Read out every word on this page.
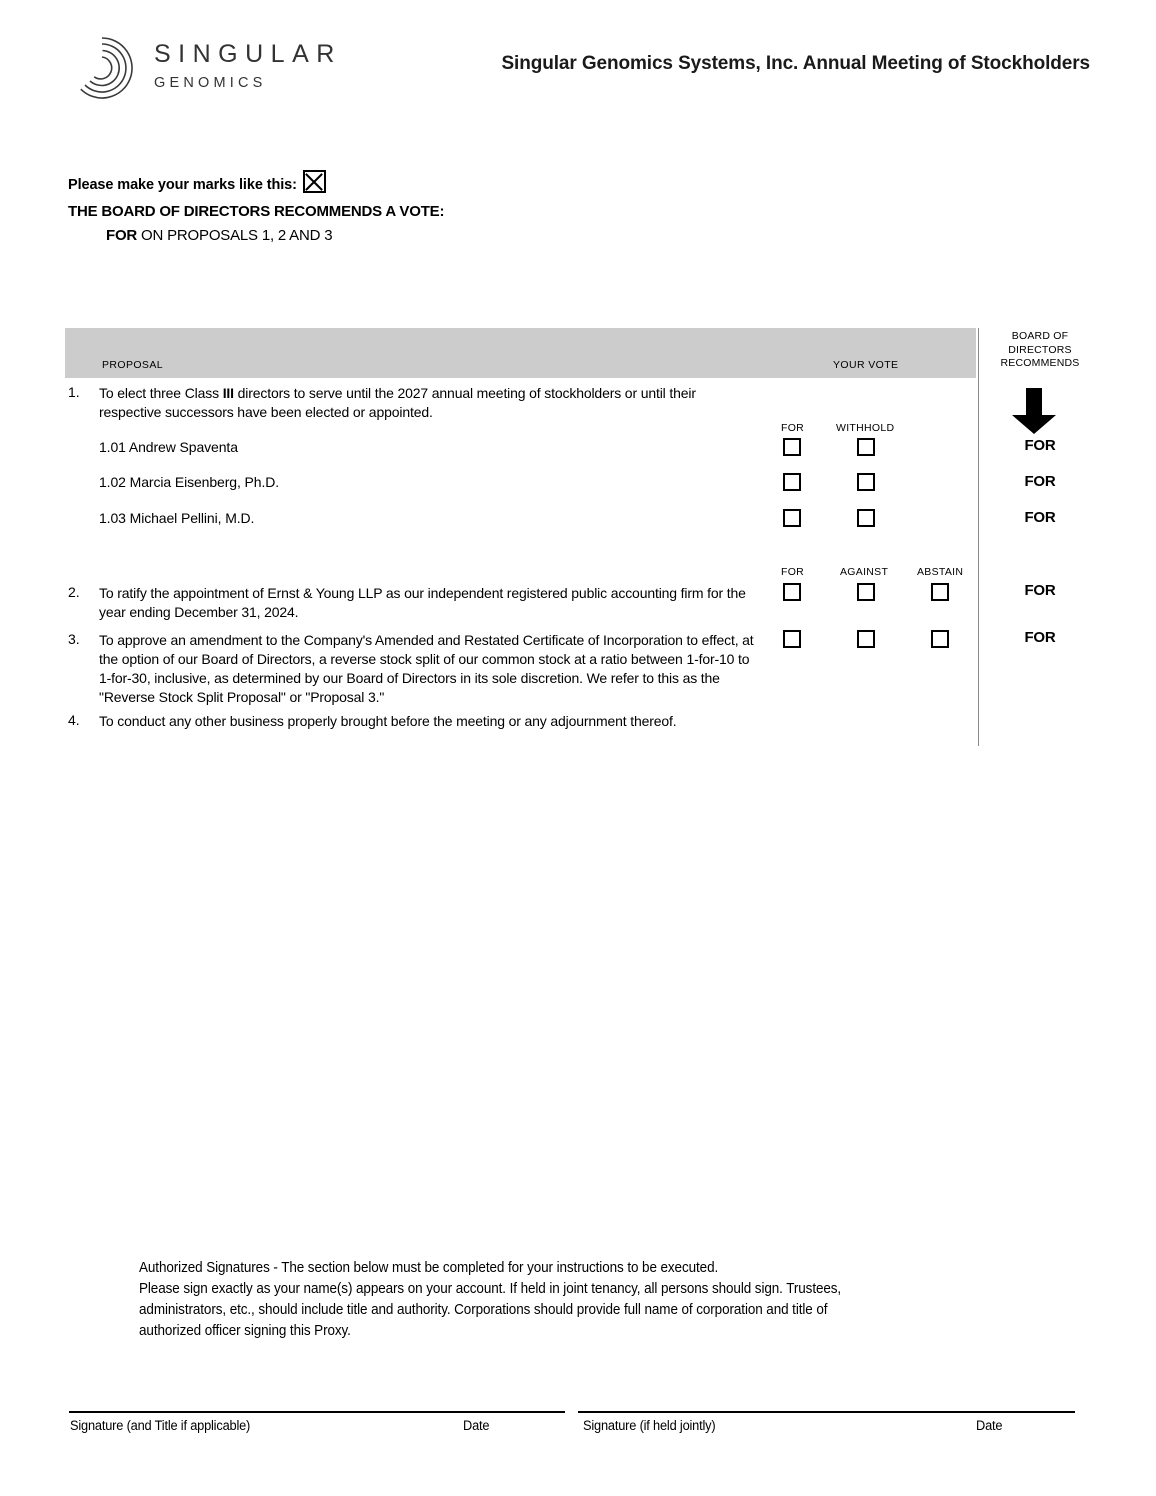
SINGULAR
GENOMICS
Singular Genomics Systems, Inc. Annual Meeting of Stockholders
Please make your marks like this:
THE BOARD OF DIRECTORS RECOMMENDS A VOTE:
FOR ON PROPOSALS 1, 2 AND 3
PROPOSAL	YOUR VOTE
BOARD OF
DIRECTORS
RECOMMENDS
1. To elect three Class III directors to serve until the 2027 annual meeting of stockholders or until their respective successors have been elected or appointed.
FOR	WITHHOLD
1.01 Andrew Spaventa	FOR
1.02 Marcia Eisenberg, Ph.D.	FOR
1.03 Michael Pellini, M.D.	FOR
FOR	AGAINST	ABSTAIN
2. To ratify the appointment of Ernst & Young LLP as our independent registered public accounting firm for the year ending December 31, 2024.
FOR
3. To approve an amendment to the Company's Amended and Restated Certificate of Incorporation to effect, at the option of our Board of Directors, a reverse stock split of our common stock at a ratio between 1-for-10 to 1-for-30, inclusive, as determined by our Board of Directors in its sole discretion. We refer to this as the "Reverse Stock Split Proposal" or "Proposal 3."
FOR
4. To conduct any other business properly brought before the meeting or any adjournment thereof.
Authorized Signatures - The section below must be completed for your instructions to be executed.
Please sign exactly as your name(s) appears on your account. If held in joint tenancy, all persons should sign. Trustees,
administrators, etc., should include title and authority. Corporations should provide full name of corporation and title of
authorized officer signing this Proxy.
Signature (and Title if applicable)	Date	Signature (if held jointly)	Date
